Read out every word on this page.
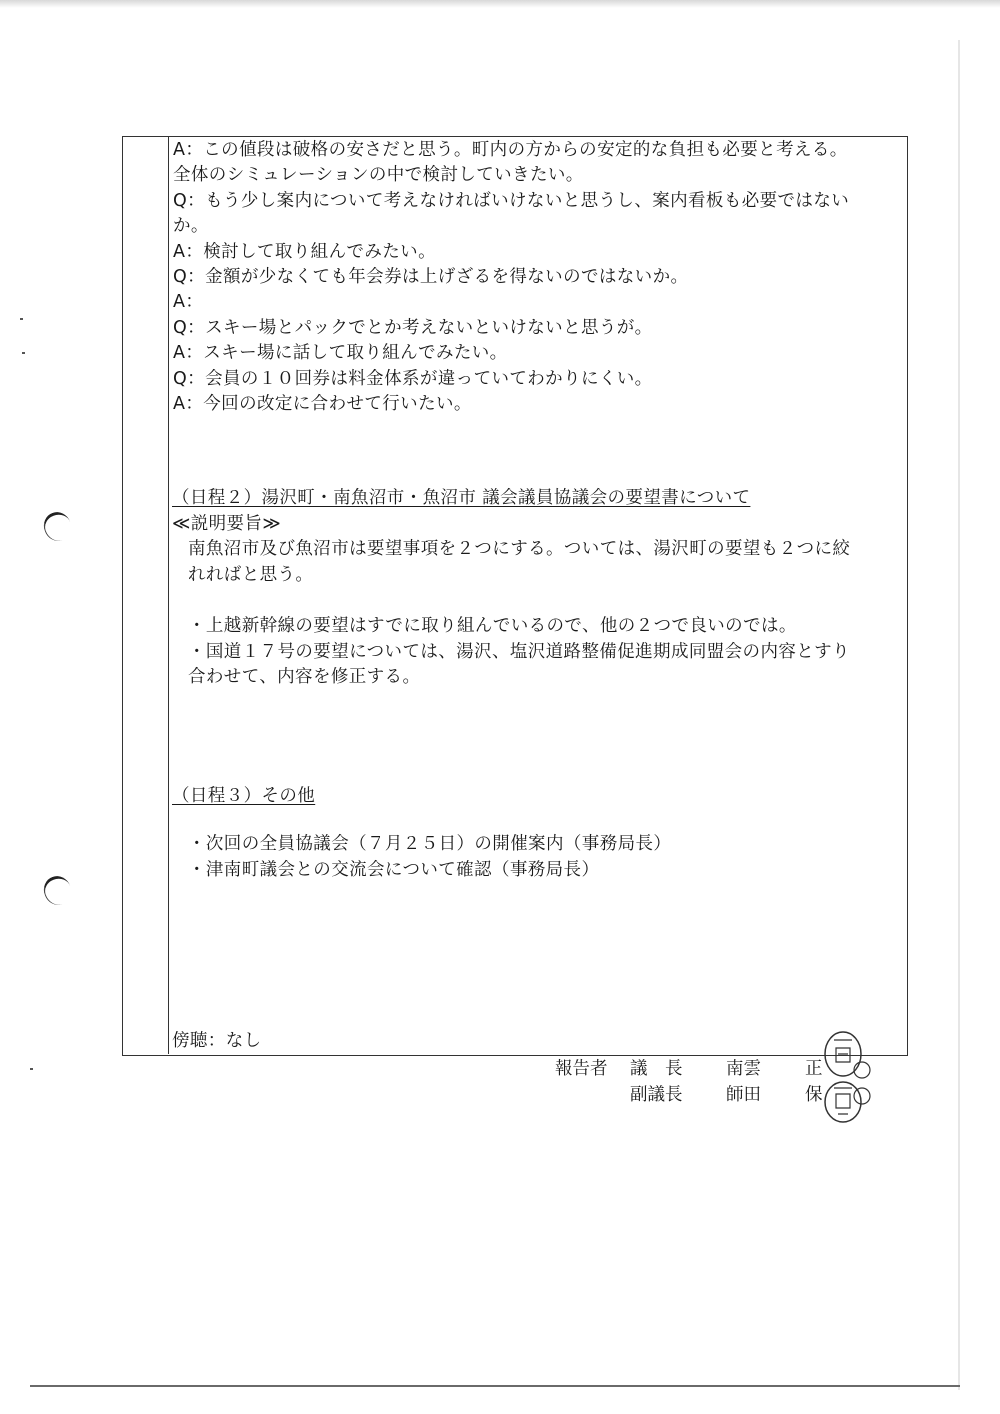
A：この値段は破格の安さだと思う。町内の方からの安定的な負担も必要と考える。
全体のシミュレーションの中で検討していきたい。
Q：もう少し案内について考えなければいけないと思うし、案内看板も必要ではない
か。
A：検討して取り組んでみたい。
Q：金額が少なくても年会券は上げざるを得ないのではないか。
A：
Q：スキー場とパックでとか考えないといけないと思うが。
A：スキー場に話して取り組んでみたい。
Q：会員の１０回券は料金体系が違っていてわかりにくい。
A：今回の改定に合わせて行いたい。
（日程２）湯沢町・南魚沼市・魚沼市 議会議員協議会の要望書について
≪説明要旨≫
南魚沼市及び魚沼市は要望事項を２つにする。ついては、湯沢町の要望も２つに絞
れればと思う。
・上越新幹線の要望はすでに取り組んでいるので、他の２つで良いのでは。
・国道１７号の要望については、湯沢、塩沢道路整備促進期成同盟会の内容とすり
合わせて、内容を修正する。
（日程３）その他
・次回の全員協議会（７月２５日）の開催案内（事務局長）
・津南町議会との交流会について確認（事務局長）
傍聴：なし
報告者 議　長 南雲	正
副議長 師田	保
